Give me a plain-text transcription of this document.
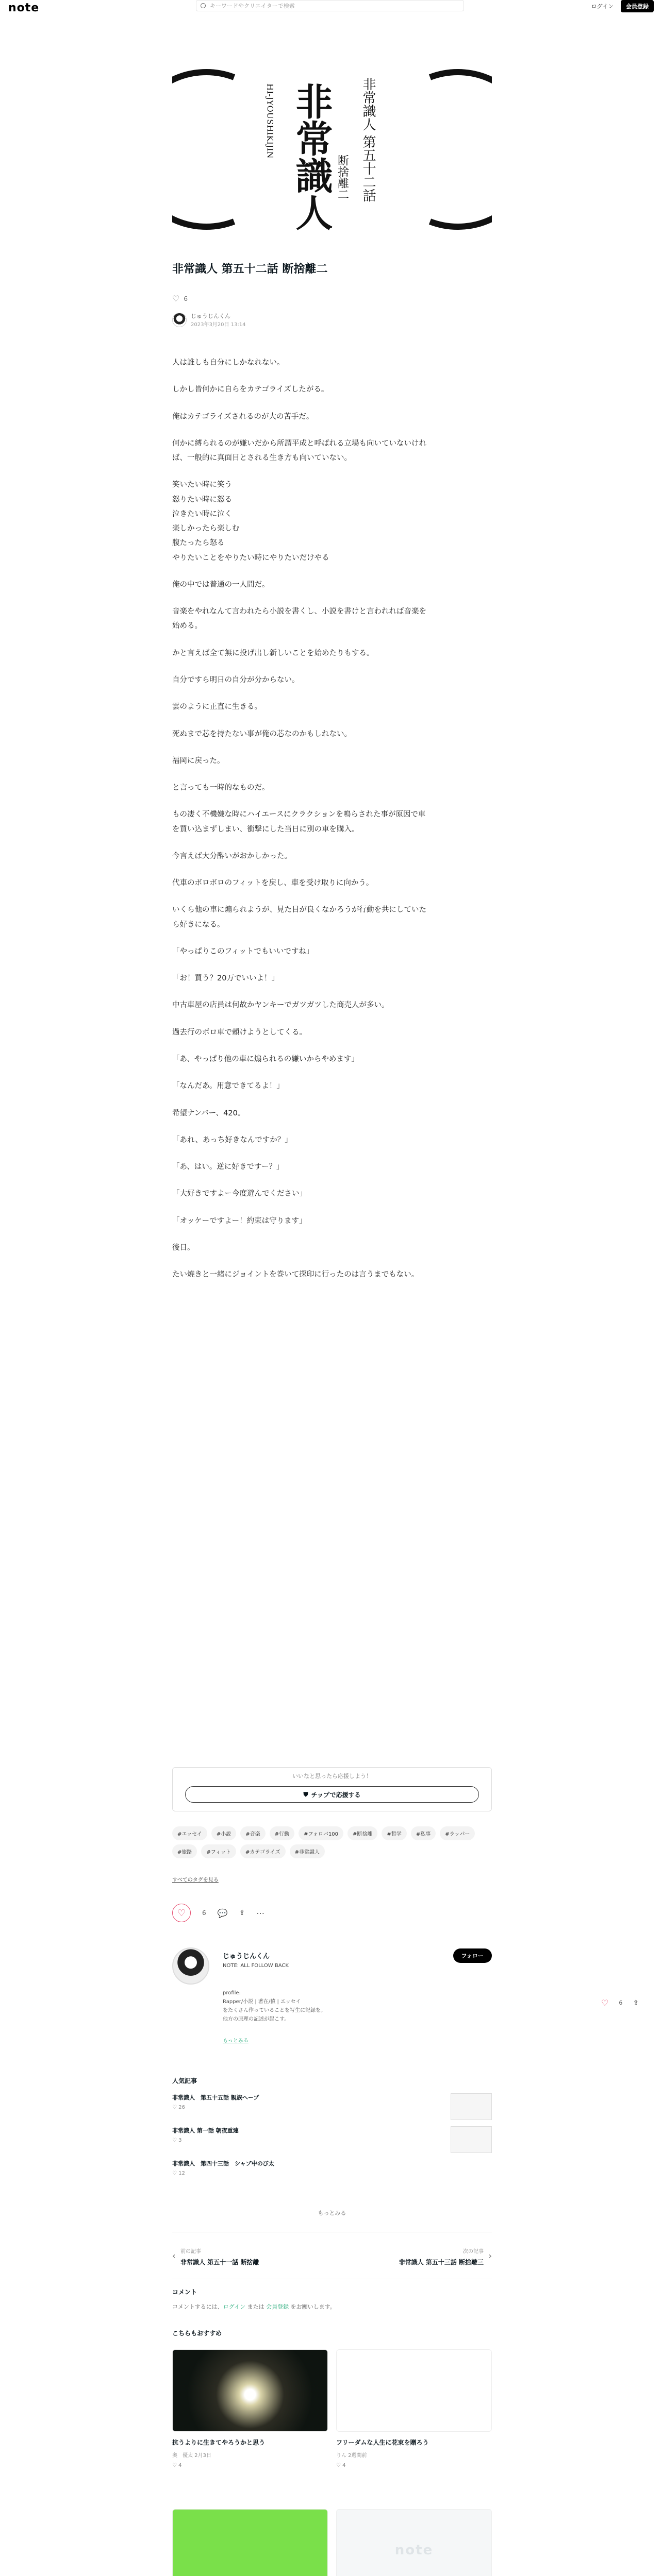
note	キーワードやクリエイターで検索	ログイン	会員登録
HI-JYOUSHIKIJIN 非常識人 非常識人 第五十二話
断捨離二
非常識人 第五十二話 断捨離二
♡ 6
じゅうじんくん
2023年3月20日 13:14

人は誰しも自分にしかなれない。

しかし皆何かに自らをカテゴライズしたがる。

俺はカテゴライズされるのが大の苦手だ。

何かに縛られるのが嫌いだから所謂平成と呼ばれる立場も向いていないけれ
ば、一般的に真面目とされる生き方も向いていない。

笑いたい時に笑う
怒りたい時に怒る
泣きたい時に泣く
楽しかったら楽しむ
腹たったら怒る
やりたいことをやりたい時にやりたいだけやる

俺の中では普通の一人間だ。

音楽をやれなんて言われたら小説を書くし、小説を書けと言われれば音楽を
始める。

かと言えば全て無に投げ出し新しいことを始めたりもする。

自分ですら明日の自分が分からない。

雲のように正直に生きる。

死ぬまで芯を持たない事が俺の芯なのかもしれない。

福岡に戻った。

と言っても一時的なものだ。

もの凄く不機嫌な時にハイエースにクラクションを鳴らされた事が原因で車
を買い込まずしまい、衝撃にした当日に別の車を購入。

今言えば大分酔いがおかしかった。

代車のボロボロのフィットを戻し、車を受け取りに向かう。

いくら他の車に煽られようが、見た目が良くなかろうが行動を共にしていた
ら好きになる。

「やっぱりこのフィットでもいいですね」

「お！買う？20万でいいよ！」

中古車屋の店員は何故かヤンキーでガツガツした商売人が多い。

過去行のボロ車で頼けようとしてくる。

「あ、やっぱり他の車に煽られるの嫌いからやめます」

「なんだあ。用意できてるよ！」

希望ナンバー、420。

「あれ、あっち好きなんですか？」

「あ、はい。逆に好きですー？」

「大好きですよー今度遊んでください」

「オッケーですよー！約束は守ります」

後日。

たい焼きと一緒にジョイントを巻いて探印に行ったのは言うまでもない。

いいなと思ったら応援しよう！
⛊ チップで応援する
#エッセイ	#小説	#音楽	#行動	#フォロバ100	#断捨離	#哲学	#私事	#ラッパー
#旅路	#フィット	#カテゴライズ	#非常識人
すべてのタグを見る
♡	6 💬 ⇪ ⋯
♡ 6 ⇪
じゅうじんくん
NOTE: ALL FOLLOW BACK
フォロー
profile:
Rapper/小説 | 著在/猿 | エッセイ
をたくさん作っていることを写生に記録を。
他方の原理の記述が起こす。
もっとみる
人気記事
非常識人　第五十五話 親族ヘープ
♡ 26
非常識人 第一話 朝夜重連
♡ 3
非常識人　第四十三話　シャブ中のび太
♡ 12
もっとみる
‹ 前の記事
非常識人 第五十一話 断捨離
次の記事
非常識人 第五十三話 断捨離三
›
コメント
コメントするには、ログイン または 会員登録 をお願いします。
こちらもおすすめ
抗うよりに生きてやろうかと思う
奥　優太 2月3日
♡ 4
フリーダムな人生に花束を贈ろう
りん 2週間前
♡ 4
note
